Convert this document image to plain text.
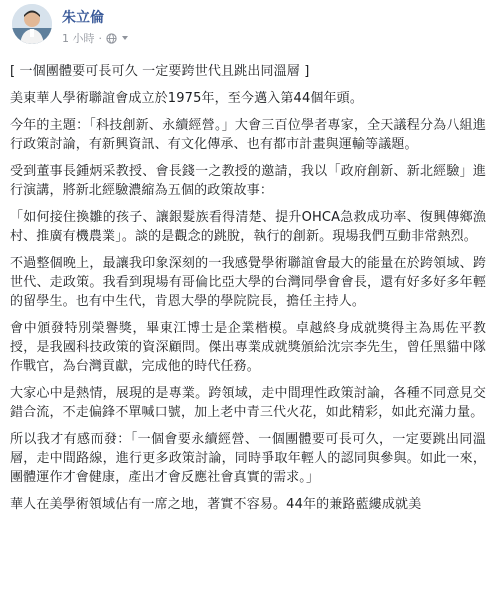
朱立倫
1 小時 ·

[ 一個團體要可長可久 一定要跨世代且跳出同溫層 ]

美東華人學術聯誼會成立於1975年，至今邁入第44個年頭。

今年的主題：「科技創新、永續經營。」大會三百位學者專家，全天議程分為八組進行政策討論，有新興資訊、有文化傳承、也有都市計畫與運輸等議題。

受到董事長鍾炳采教授、會長錢一之教授的邀請，我以「政府創新、新北經驗」進行演講，將新北經驗濃縮為五個的政策故事：

「如何接住換雛的孩子、讓銀髮族看得清楚、提升OHCA急救成功率、復興傳鄉漁村、推廣有機農業」。談的是觀念的跳脫，執行的創新。現場我們互動非常熱烈。

不過整個晚上，最讓我印象深刻的一我感覺學術聯誼會最大的能量在於跨領域、跨世代、走政策。我看到現場有哥倫比亞大學的台灣同學會會長，還有好多好多年輕的留學生。也有中生代，肯恩大學的學院院長，擔任主持人。

會中頒發特別榮譽獎，畢東江博士是企業楷模。卓越終身成就獎得主為馬佐平教授，是我國科技政策的資深顧問。傑出專業成就獎頒給沈宗李先生，曾任黑貓中隊作戰官，為台灣貢獻，完成他的時代任務。

大家心中是熱情，展現的是專業。跨領域，走中間理性政策討論，各種不同意見交錯合流，不走偏鋒不單喊口號，加上老中青三代火花，如此精彩，如此充滿力量。

所以我才有感而發：「一個會要永續經營、一個團體要可長可久，一定要跳出同溫層，走中間路線，進行更多政策討論，同時爭取年輕人的認同與參與。如此一來，團體運作才會健康，產出才會反應社會真實的需求。」

華人在美學術領域佔有一席之地，著實不容易。44年的兼路藍縷成就美
